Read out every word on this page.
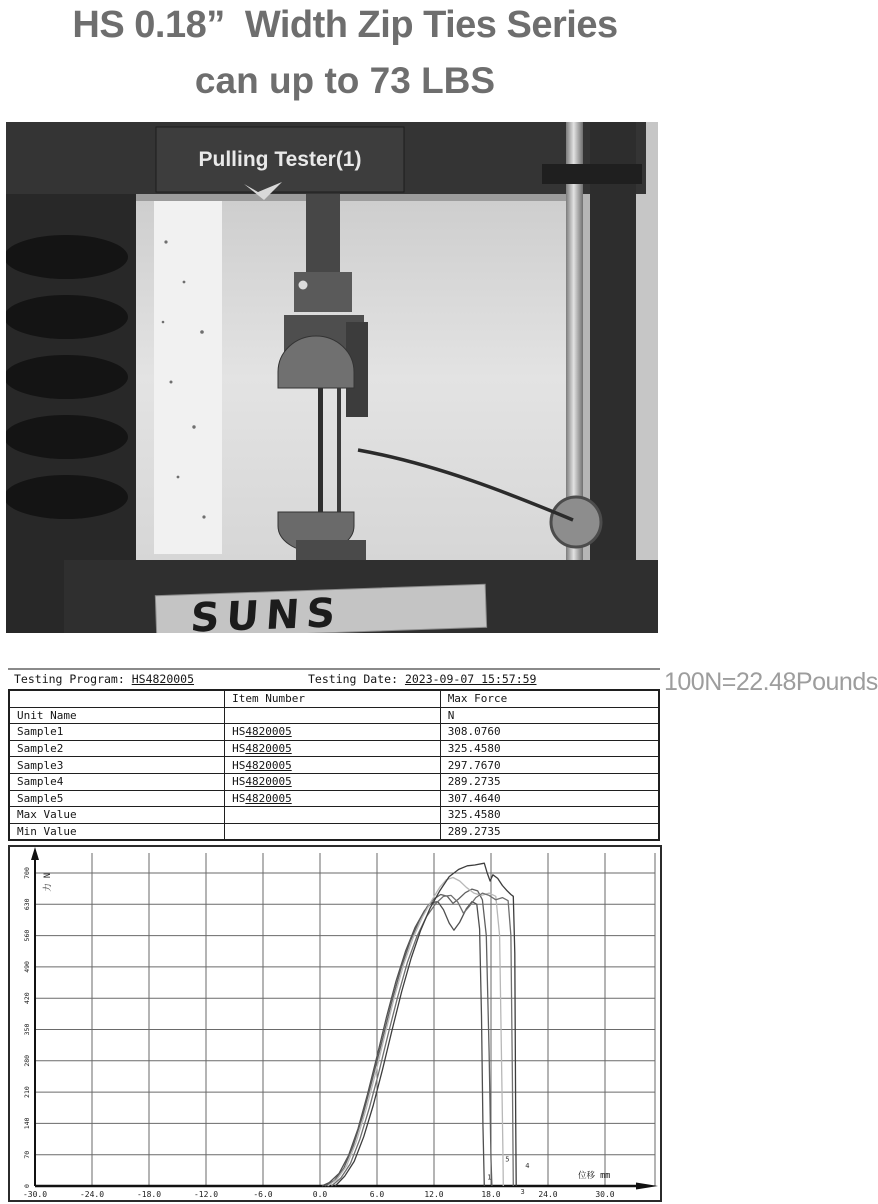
HS 0.18”  Width Zip Ties Series
can up to 73 LBS
Pulling Tester(1)
SUNS
100N=22.48Pounds
Testing Program: HS4820005	Testing Date: 2023-09-07 15:57:59
	Item Number	Max Force
Unit Name		N
Sample1	HS4820005	308.0760
Sample2	HS4820005	325.4580
Sample3	HS4820005	297.7670
Sample4	HS4820005	289.2735
Sample5	HS4820005	307.4640
Max Value		325.4580
Min Value		289.2735
-30.0	-24.0	-18.0	-12.0	-6.0	0.0	6.0	12.0	18.0	24.0	30.0
0
70
140
210
280
350
420
490
560
630
700 力 N
位移 mm
1
5
4
3
